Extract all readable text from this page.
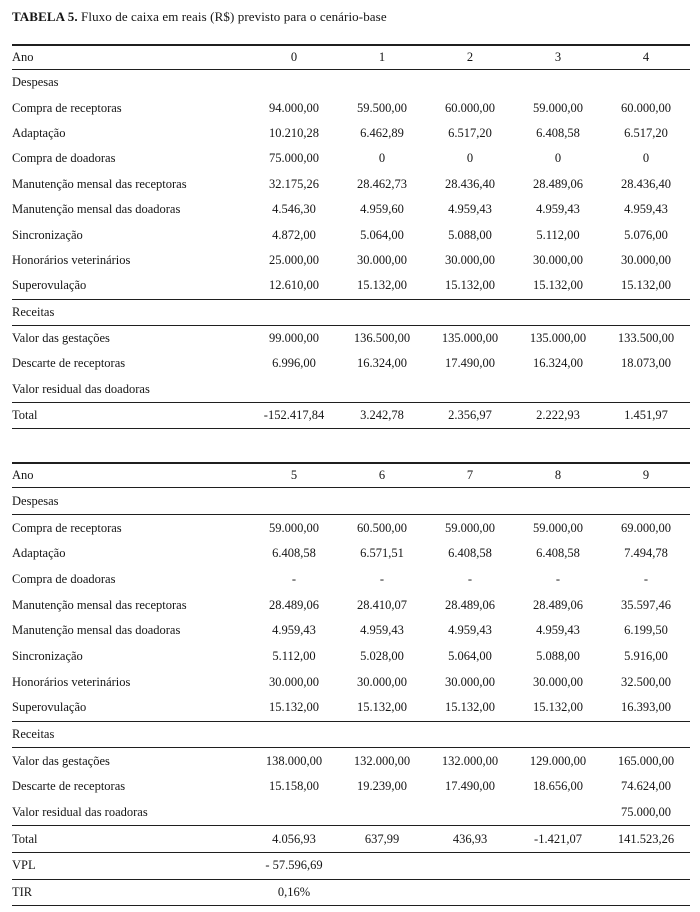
TABELA 5. Fluxo de caixa em reais (R$) previsto para o cenário-base

Ano	0	1	2	3	4
Despesas					
Compra de receptoras	94.000,00	59.500,00	60.000,00	59.000,00	60.000,00
Adaptação	10.210,28	6.462,89	6.517,20	6.408,58	6.517,20
Compra de doadoras	75.000,00	0	0	0	0
Manutenção mensal das receptoras	32.175,26	28.462,73	28.436,40	28.489,06	28.436,40
Manutenção mensal das doadoras	4.546,30	4.959,60	4.959,43	4.959,43	4.959,43
Sincronização	4.872,00	5.064,00	5.088,00	5.112,00	5.076,00
Honorários veterinários	25.000,00	30.000,00	30.000,00	30.000,00	30.000,00
Superovulação	12.610,00	15.132,00	15.132,00	15.132,00	15.132,00
Receitas					
Valor das gestações	99.000,00	136.500,00	135.000,00	135.000,00	133.500,00
Descarte de receptoras	6.996,00	16.324,00	17.490,00	16.324,00	18.073,00
Valor residual das doadoras					
Total	-152.417,84	3.242,78	2.356,97	2.222,93	1.451,97
Ano	5	6	7	8	9
Despesas					
Compra de receptoras	59.000,00	60.500,00	59.000,00	59.000,00	69.000,00
Adaptação	6.408,58	6.571,51	6.408,58	6.408,58	7.494,78
Compra de doadoras	-	-	-	-	-
Manutenção mensal das receptoras	28.489,06	28.410,07	28.489,06	28.489,06	35.597,46
Manutenção mensal das doadoras	4.959,43	4.959,43	4.959,43	4.959,43	6.199,50
Sincronização	5.112,00	5.028,00	5.064,00	5.088,00	5.916,00
Honorários veterinários	30.000,00	30.000,00	30.000,00	30.000,00	32.500,00
Superovulação	15.132,00	15.132,00	15.132,00	15.132,00	16.393,00
Receitas					
Valor das gestações	138.000,00	132.000,00	132.000,00	129.000,00	165.000,00
Descarte de receptoras	15.158,00	19.239,00	17.490,00	18.656,00	74.624,00
Valor residual das roadoras					75.000,00
Total	4.056,93	637,99	436,93	-1.421,07	141.523,26
VPL	- 57.596,69				
TIR	0,16%				
